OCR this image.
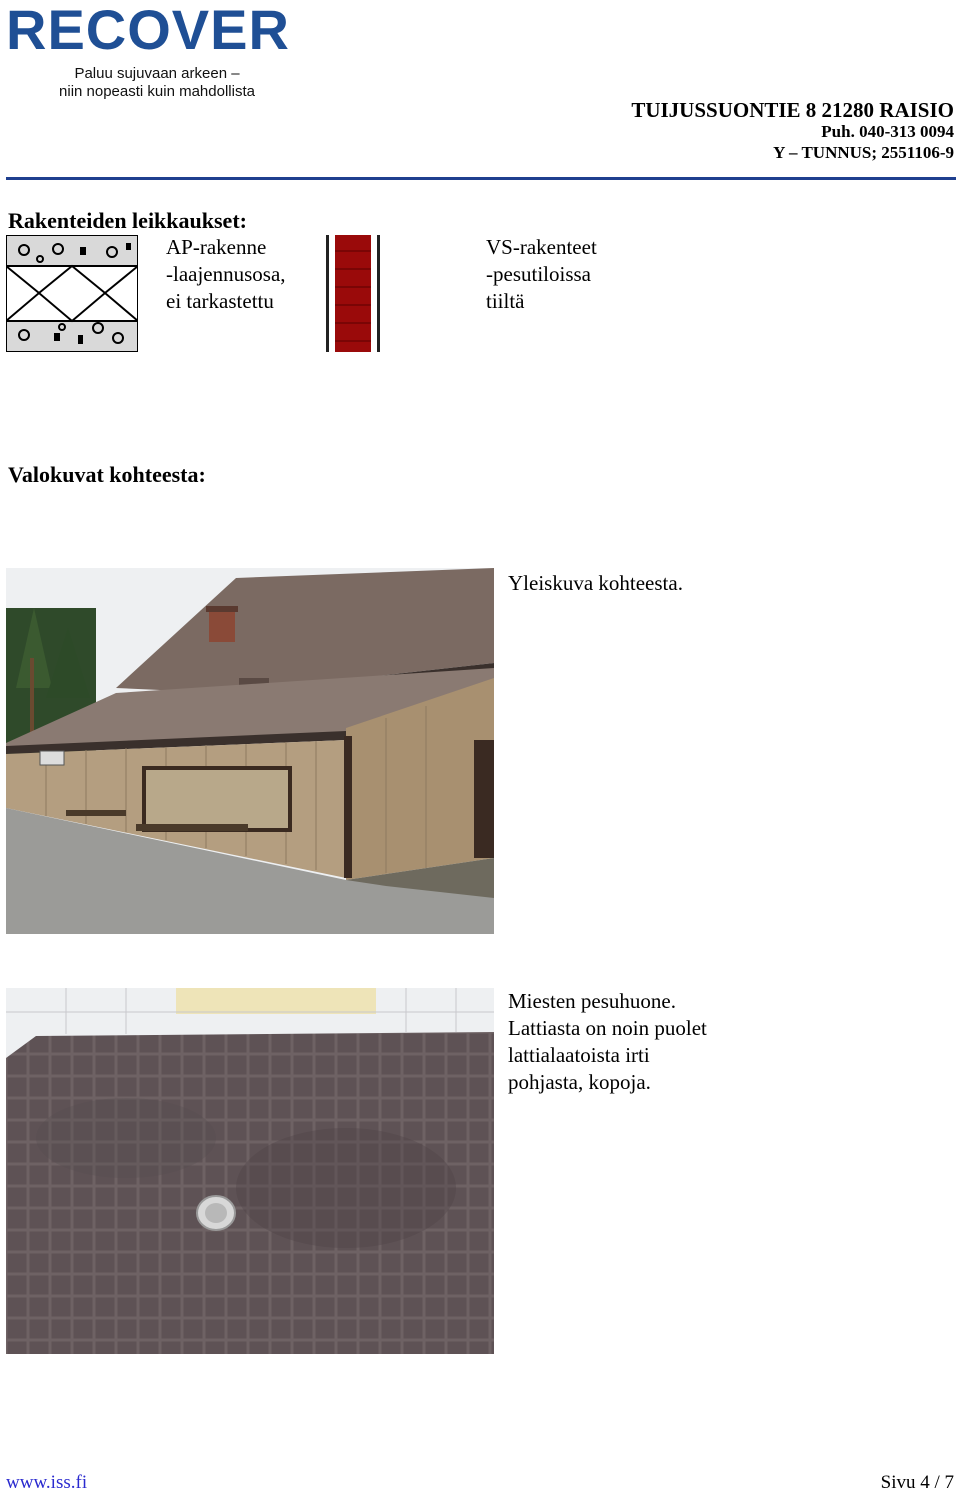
RECOVER
Paluu sujuvaan arkeen –
niin nopeasti kuin mahdollista
TUIJUSSUONTIE 8 21280 RAISIO
Puh. 040-313 0094
Y – TUNNUS; 2551106-9
Rakenteiden leikkaukset:
AP-rakenne
-laajennusosa,
ei tarkastettu
VS-rakenteet
-pesutiloissa
tiiltä
Valokuvat kohteesta:
Yleiskuva kohteesta.
Miesten pesuhuone.
Lattiasta on noin puolet
lattialaatoista irti
pohjasta, kopoja.
www.iss.fi	Sivu 4 / 7
